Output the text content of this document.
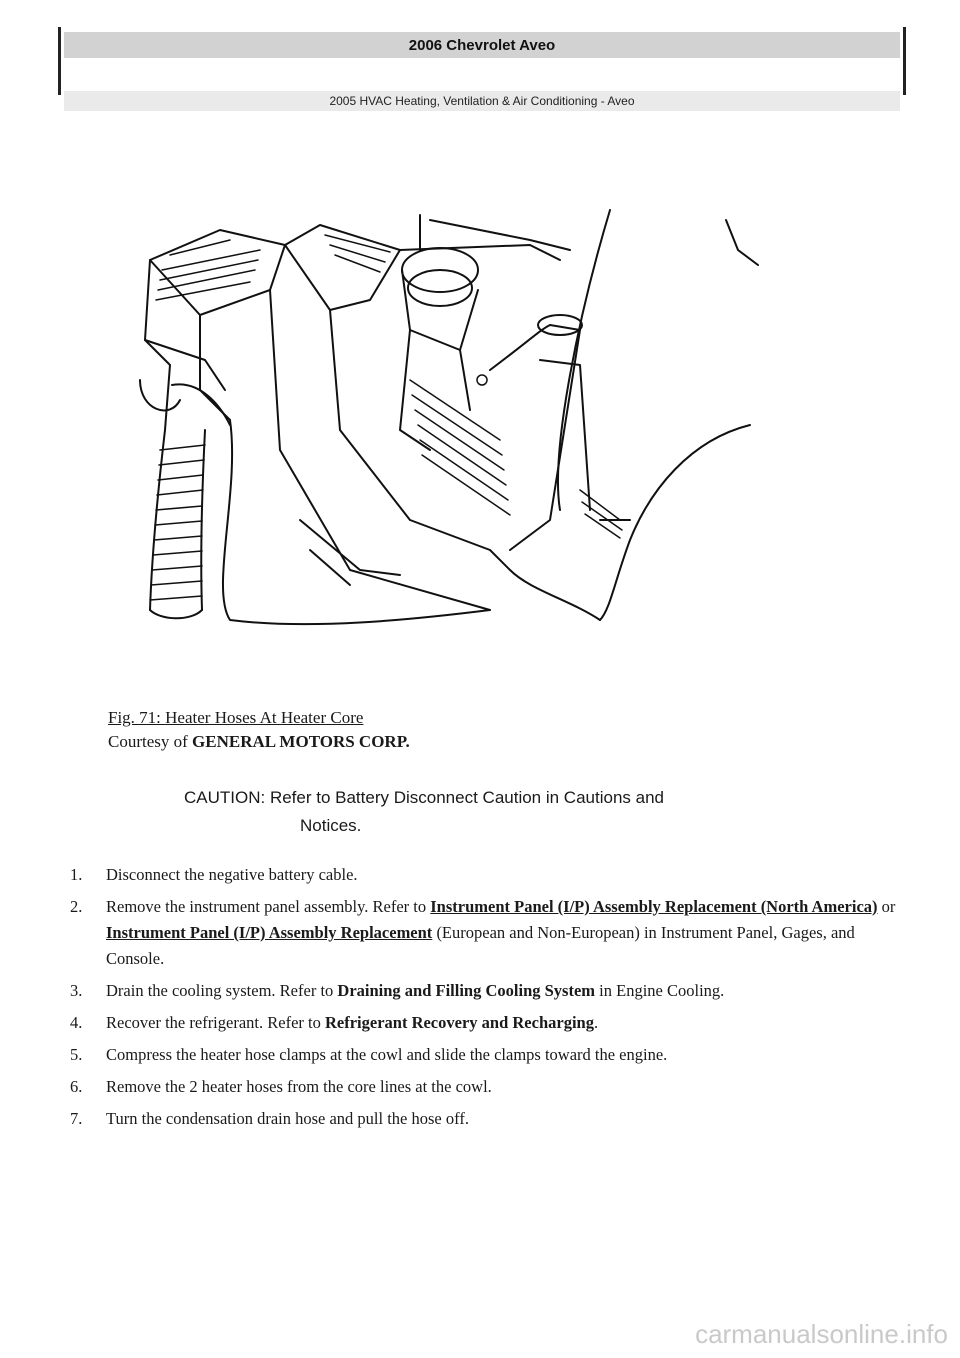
2006 Chevrolet Aveo
2005 HVAC Heating, Ventilation & Air Conditioning - Aveo
Fig. 71: Heater Hoses At Heater Core
Courtesy of GENERAL MOTORS CORP.
CAUTION: Refer to Battery Disconnect Caution in Cautions and
Notices.
1.	Disconnect the negative battery cable.
2.	Remove the instrument panel assembly. Refer to Instrument Panel (I/P) Assembly Replacement (North America) or Instrument Panel (I/P) Assembly Replacement (European and Non-European) in Instrument Panel, Gages, and Console.
3.	Drain the cooling system. Refer to Draining and Filling Cooling System in Engine Cooling.
4.	Recover the refrigerant. Refer to Refrigerant Recovery and Recharging.
5.	Compress the heater hose clamps at the cowl and slide the clamps toward the engine.
6.	Remove the 2 heater hoses from the core lines at the cowl.
7.	Turn the condensation drain hose and pull the hose off.
carmanualsonline.info
